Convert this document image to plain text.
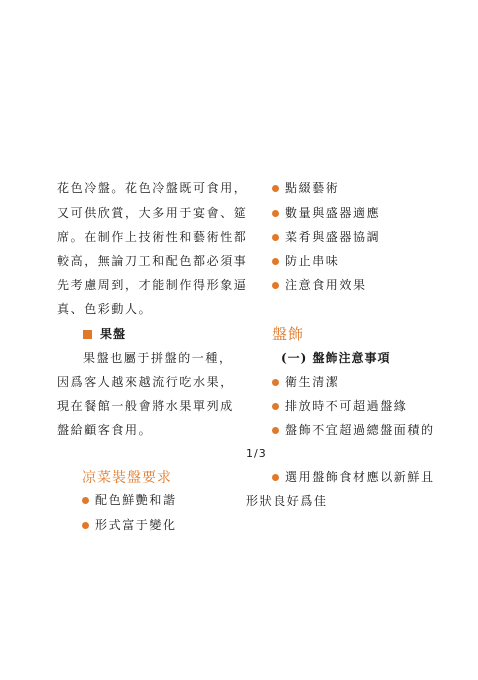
花色冷盤。花色冷盤既可食用，
又可供欣賞，大多用于宴會、筵
席。在制作上技術性和藝術性都
較高，無論刀工和配色都必須事
先考慮周到，才能制作得形象逼
真、色彩動人。
果盤
果盤也屬于拼盤的一種，
因爲客人越來越流行吃水果，
現在餐館一般會將水果單列成
盤給顧客食用。
凉菜裝盤要求
配色鮮艷和諧
形式富于變化
點綴藝術
數量與盛器適應
菜肴與盛器協調
防止串味
注意食用效果
盤飾
(一) 盤飾注意事項
衛生清潔
排放時不可超過盤緣
盤飾不宜超過總盤面積的
1/3
選用盤飾食材應以新鮮且
形狀良好爲佳
